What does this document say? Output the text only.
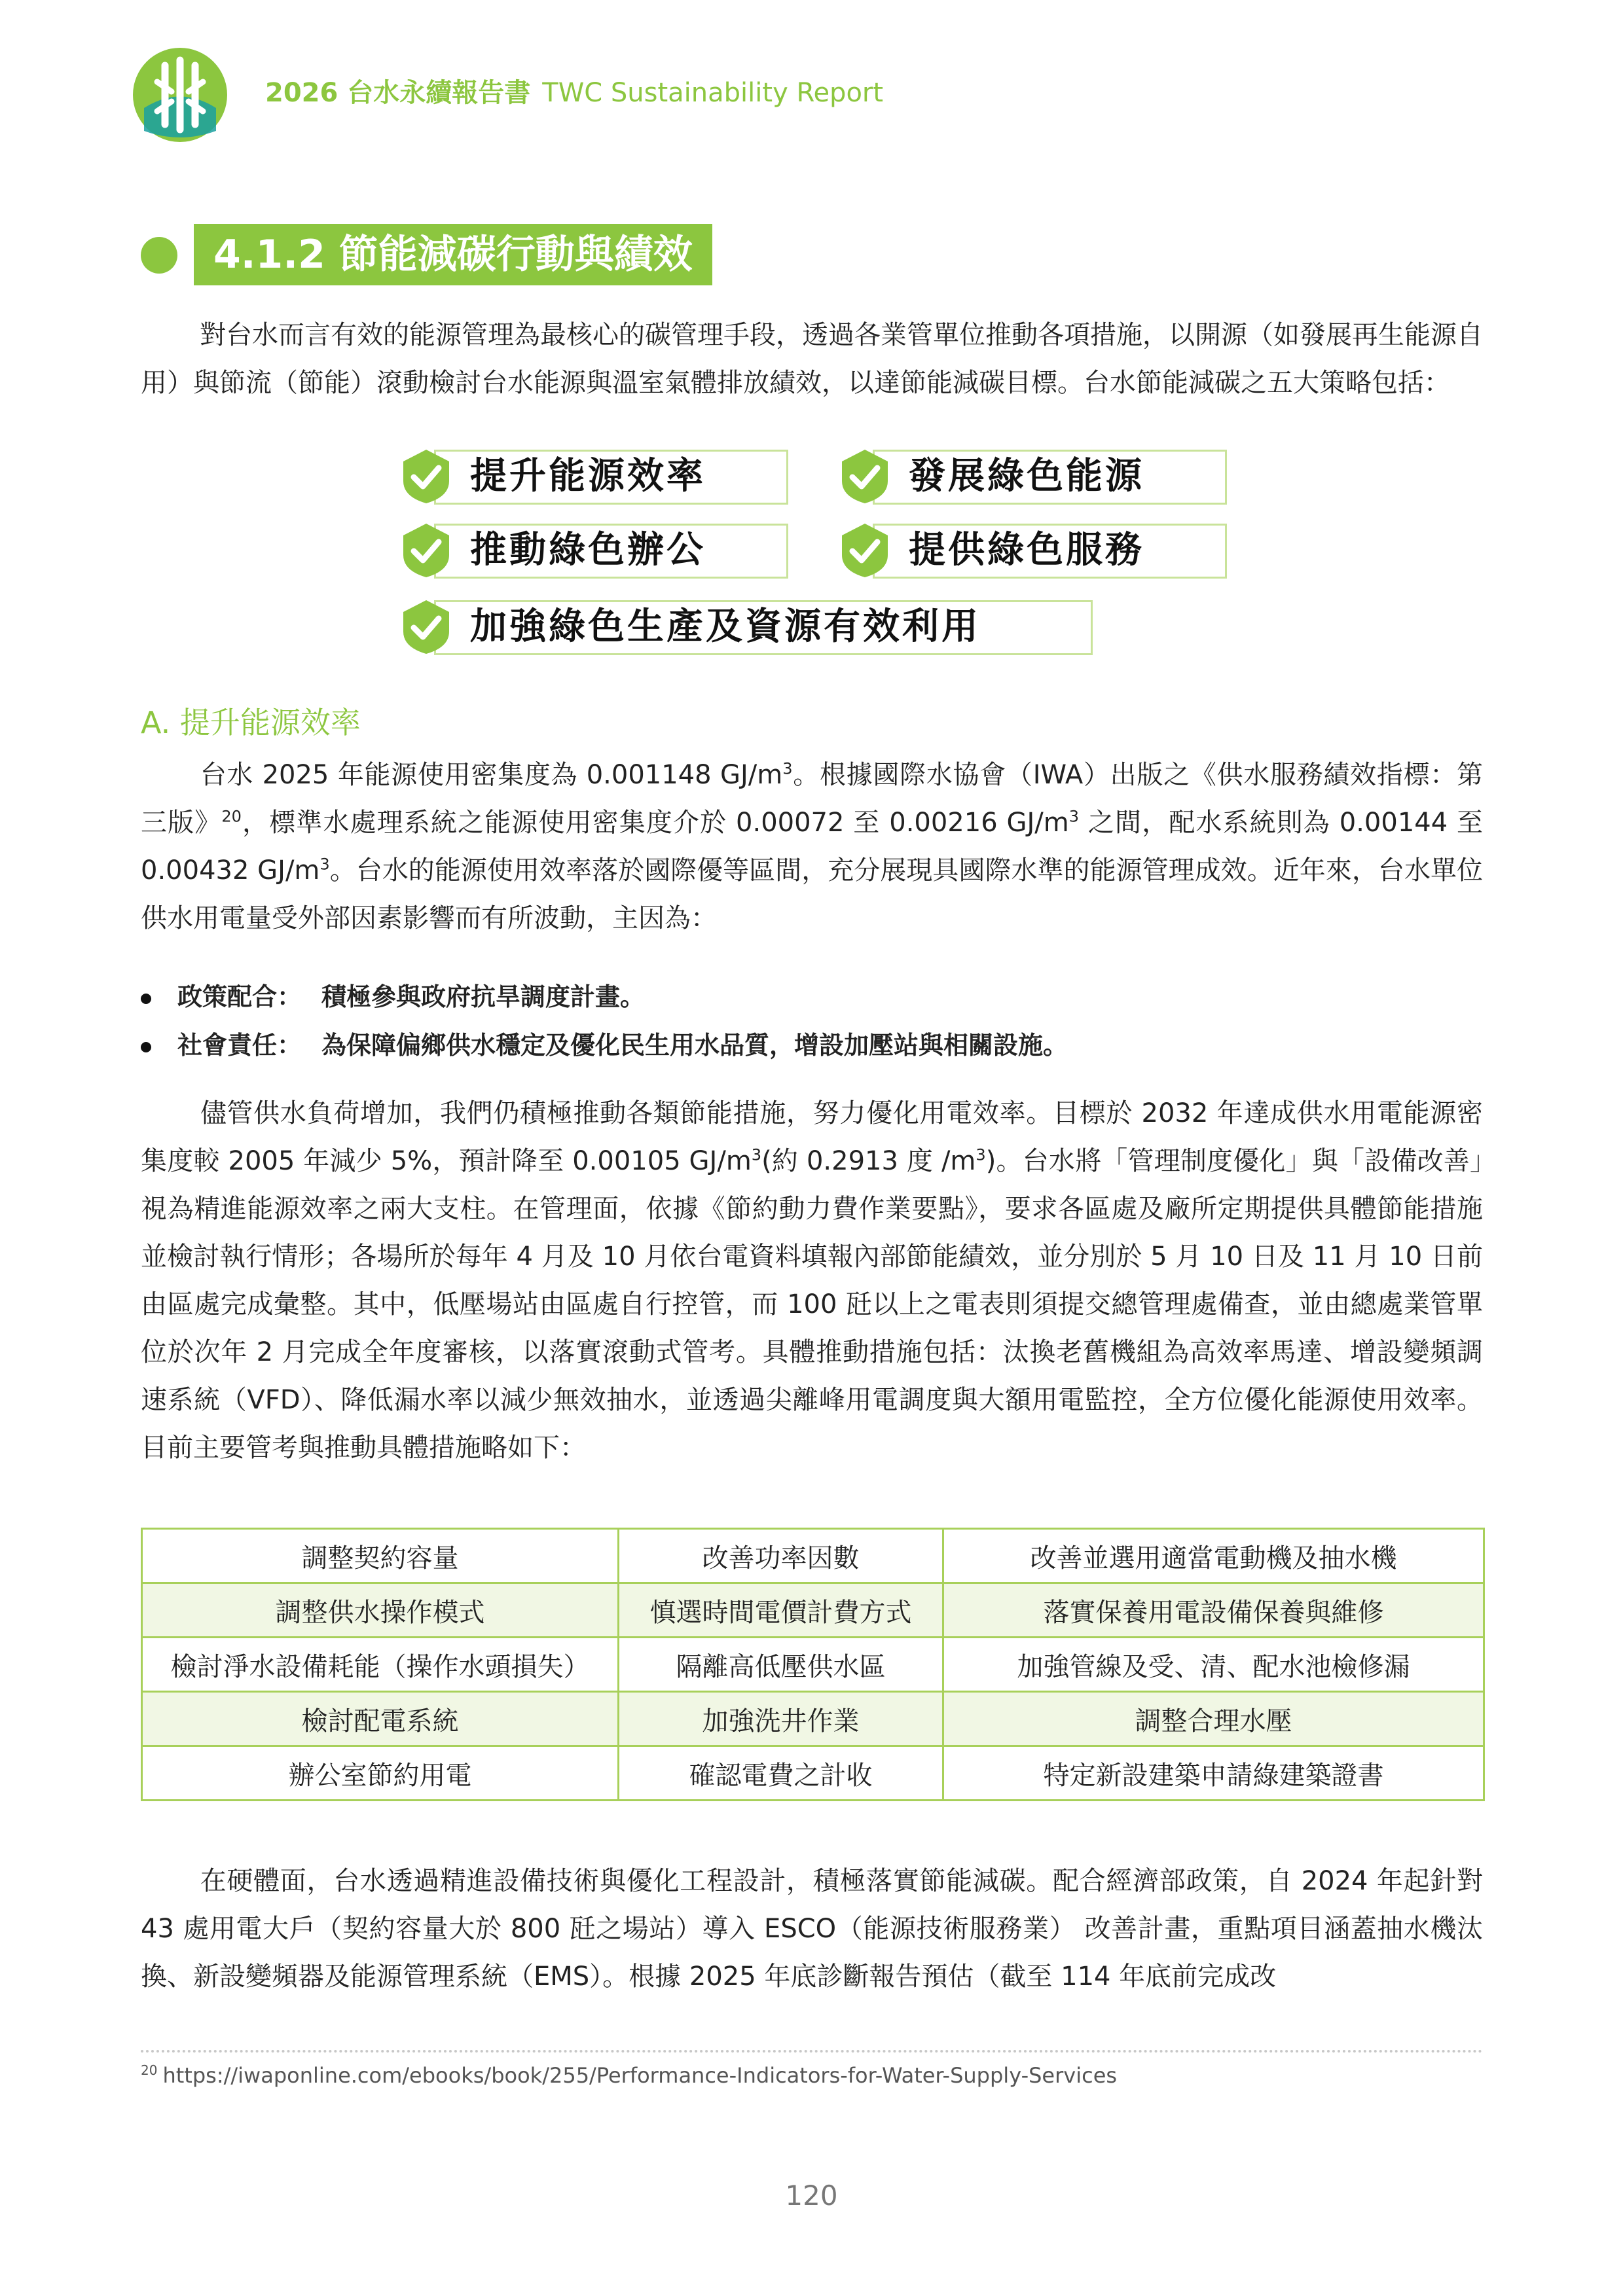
2026 台水永續報告書 TWC Sustainability Report
4.1.2 節能減碳行動與績效
對台水而言有效的能源管理為最核心的碳管理手段，透過各業管單位推動各項措施，以開源（如發展再生能源自用）與節流（節能）滾動檢討台水能源與溫室氣體排放績效，以達節能減碳目標。台水節能減碳之五大策略包括：
提升能源效率	發展綠色能源
推動綠色辦公	提供綠色服務
加強綠色生產及資源有效利用
A. 提升能源效率
台水 2025 年能源使用密集度為 0.001148 $GJ/m^3$。根據國際水協會（IWA）出版之《供水服務績效指標：第三版》$^{20}$，標準水處理系統之能源使用密集度介於 0.00072 至 0.00216 $GJ/m^3$ 之間，配水系統則為 0.00144 至 0.00432 $GJ/m^3$。台水的能源使用效率落於國際優等區間，充分展現具國際水準的能源管理成效。近年來，台水單位供水用電量受外部因素影響而有所波動，主因為：
政策配合： 積極參與政府抗旱調度計畫。
社會責任： 為保障偏鄉供水穩定及優化民生用水品質，增設加壓站與相關設施。
儘管供水負荷增加，我們仍積極推動各類節能措施，努力優化用電效率。目標於 2032 年達成供水用電能源密集度較 2005 年減少 5%，預計降至 0.00105 $GJ/m^3$(約 0.2913 度 $/m^3$)。台水將「管理制度優化」與「設備改善」視為精進能源效率之兩大支柱。在管理面，依據《節約動力費作業要點》，要求各區處及廠所定期提供具體節能措施並檢討執行情形；各場所於每年 4 月及 10 月依台電資料填報內部節能績效，並分別於 5 月 10 日及 11 月 10 日前由區處完成彙整。其中，低壓場站由區處自行控管，而 100 瓩以上之電表則須提交總管理處備查，並由總處業管單位於次年 2 月完成全年度審核，以落實滾動式管考。具體推動措施包括：汰換老舊機組為高效率馬達、增設變頻調速系統（VFD）、降低漏水率以減少無效抽水，並透過尖離峰用電調度與大額用電監控，全方位優化能源使用效率。目前主要管考與推動具體措施略如下：
調整契約容量	改善功率因數	改善並選用適當電動機及抽水機
調整供水操作模式	慎選時間電價計費方式	落實保養用電設備保養與維修
檢討淨水設備耗能（操作水頭損失）	隔離高低壓供水區	加強管線及受、清、配水池檢修漏
檢討配電系統	加強洗井作業	調整合理水壓
辦公室節約用電	確認電費之計收	特定新設建築申請綠建築證書
在硬體面，台水透過精進設備技術與優化工程設計，積極落實節能減碳。配合經濟部政策，自 2024 年起針對 43 處用電大戶（契約容量大於 800 瓩之場站）導入 ESCO（能源技術服務業） 改善計畫，重點項目涵蓋抽水機汰換、新設變頻器及能源管理系統（EMS）。根據 2025 年底診斷報告預估（截至 114 年底前完成改
$^{20}$ https://iwaponline.com/ebooks/book/255/Performance-Indicators-for-Water-Supply-Services
120
